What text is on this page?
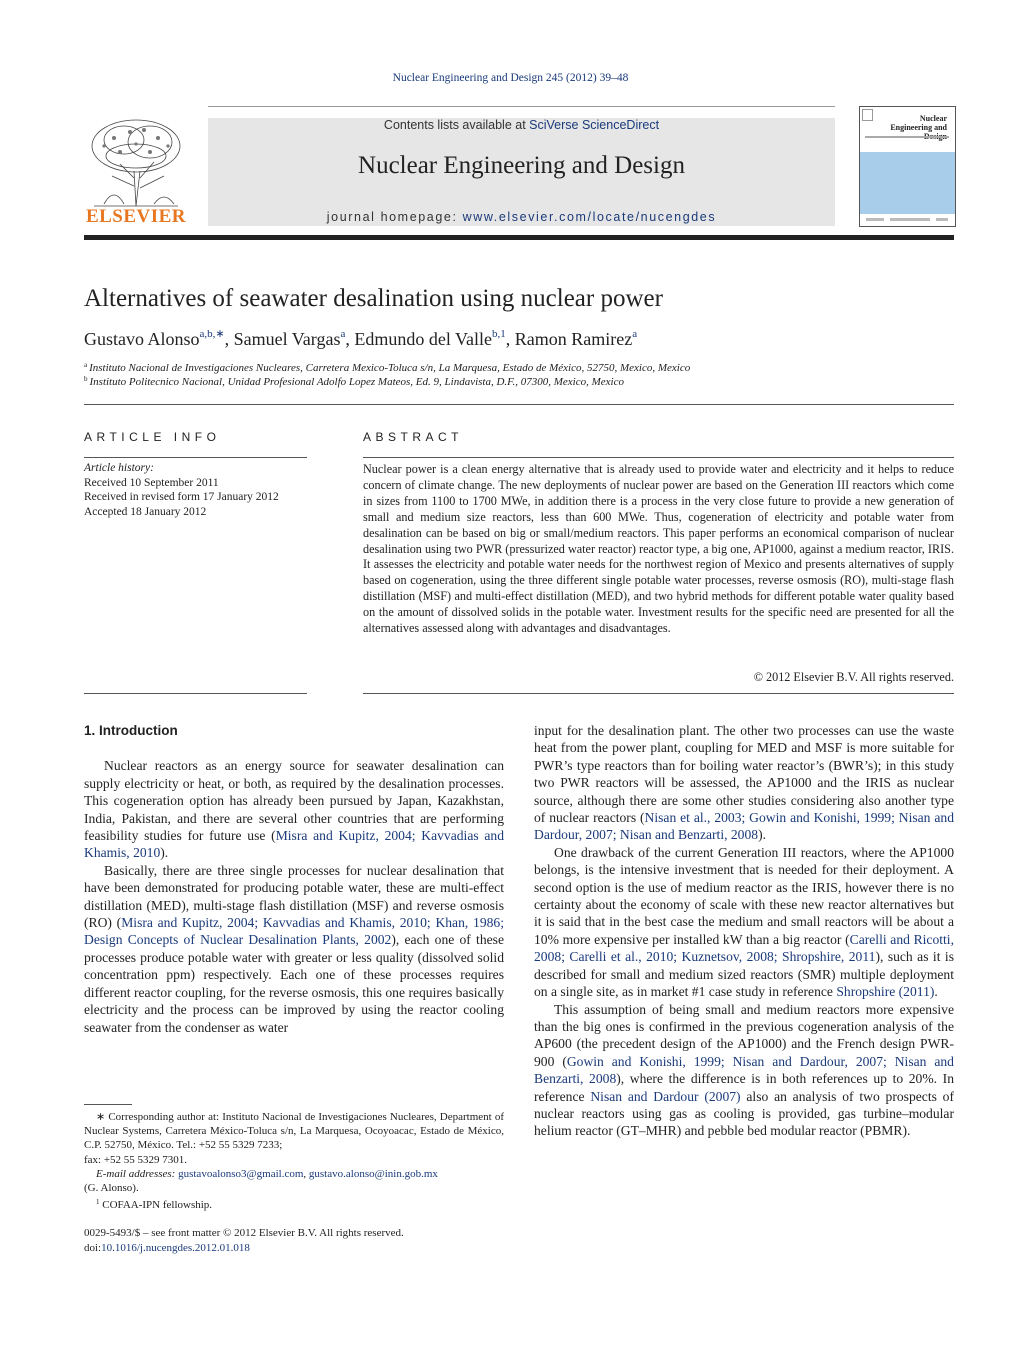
Nuclear Engineering and Design 245 (2012) 39–48
ELSEVIER
Contents lists available at SciVerse ScienceDirect
Nuclear Engineering and Design
journal homepage: www.elsevier.com/locate/nucengdes
Nuclear Engineering and
Alternatives of seawater desalination using nuclear power
Gustavo Alonso$^{a,b,∗}$, Samuel Vargas$^a$, Edmundo del Valle$^{b,1}$, Ramon Ramirez$^a$
$^a$ Instituto Nacional de Investigaciones Nucleares, Carretera Mexico-Toluca s/n, La Marquesa, Estado de México, 52750, Mexico, Mexico
$^b$ Instituto Politecnico Nacional, Unidad Profesional Adolfo Lopez Mateos, Ed. 9, Lindavista, D.F., 07300, Mexico, Mexico
ARTICLE INFO	ABSTRACT
Article history:
Received 10 September 2011
Received in revised form 17 January 2012
Accepted 18 January 2012
Nuclear power is a clean energy alternative that is already used to provide water and electricity and it helps to reduce concern of climate change. The new deployments of nuclear power are based on the Generation III reactors which come in sizes from 1100 to 1700 MWe, in addition there is a process in the very close future to provide a new generation of small and medium size reactors, less than 600 MWe. Thus, cogeneration of electricity and potable water from desalination can be based on big or small/medium reactors. This paper performs an economical comparison of nuclear desalination using two PWR (pressurized water reactor) reactor type, a big one, AP1000, against a medium reactor, IRIS. It assesses the electricity and potable water needs for the northwest region of Mexico and presents alternatives of supply based on cogeneration, using the three different single potable water processes, reverse osmosis (RO), multi-stage flash distillation (MSF) and multi-effect distillation (MED), and two hybrid methods for different potable water quality based on the amount of dissolved solids in the potable water. Investment results for the specific need are presented for all the alternatives assessed along with advantages and disadvantages.
© 2012 Elsevier B.V. All rights reserved.
1. Introduction

Nuclear reactors as an energy source for seawater desalination can supply electricity or heat, or both, as required by the desalination processes. This cogeneration option has already been pursued by Japan, Kazakhstan, India, Pakistan, and there are several other countries that are performing feasibility studies for future use (Misra and Kupitz, 2004; Kavvadias and Khamis, 2010).

Basically, there are three single processes for nuclear desalination that have been demonstrated for producing potable water, these are multi-effect distillation (MED), multi-stage flash distillation (MSF) and reverse osmosis (RO) (Misra and Kupitz, 2004; Kavvadias and Khamis, 2010; Khan, 1986; Design Concepts of Nuclear Desalination Plants, 2002), each one of these processes produce potable water with greater or less quality (dissolved solid concentration ppm) respectively. Each one of these processes requires different reactor coupling, for the reverse osmosis, this one requires basically electricity and the process can be improved by using the reactor cooling seawater from the condenser as water

input for the desalination plant. The other two processes can use the waste heat from the power plant, coupling for MED and MSF is more suitable for PWR’s type reactors than for boiling water reactor’s (BWR’s); in this study two PWR reactors will be assessed, the AP1000 and the IRIS as nuclear source, although there are some other studies considering also another type of nuclear reactors (Nisan et al., 2003; Gowin and Konishi, 1999; Nisan and Dardour, 2007; Nisan and Benzarti, 2008).

One drawback of the current Generation III reactors, where the AP1000 belongs, is the intensive investment that is needed for their deployment. A second option is the use of medium reactor as the IRIS, however there is no certainty about the economy of scale with these new reactor alternatives but it is said that in the best case the medium and small reactors will be about a 10% more expensive per installed kW than a big reactor (Carelli and Ricotti, 2008; Carelli et al., 2010; Kuznetsov, 2008; Shropshire, 2011), such as it is described for small and medium sized reactors (SMR) multiple deployment on a single site, as in market #1 case study in reference Shropshire (2011).

This assumption of being small and medium reactors more expensive than the big ones is confirmed in the previous cogeneration analysis of the AP600 (the precedent design of the AP1000) and the French design PWR-900 (Gowin and Konishi, 1999; Nisan and Dardour, 2007; Nisan and Benzarti, 2008), where the difference is in both references up to 20%. In reference Nisan and Dardour (2007) also an analysis of two prospects of nuclear reactors using gas as cooling is provided, gas turbine–modular helium reactor (GT–MHR) and pebble bed modular reactor (PBMR).

∗ Corresponding author at: Instituto Nacional de Investigaciones Nucleares, Department of Nuclear Systems, Carretera México-Toluca s/n, La Marquesa, Ocoyoacac, Estado de México, C.P. 52750, México. Tel.: +52 55 5329 7233;

fax: +52 55 5329 7301.

E-mail addresses: gustavoalonso3@gmail.com, gustavo.alonso@inin.gob.mx

(G. Alonso).

$^1$ COFAA-IPN fellowship.

0029-5493/$ – see front matter © 2012 Elsevier B.V. All rights reserved.
doi:10.1016/j.nucengdes.2012.01.018
